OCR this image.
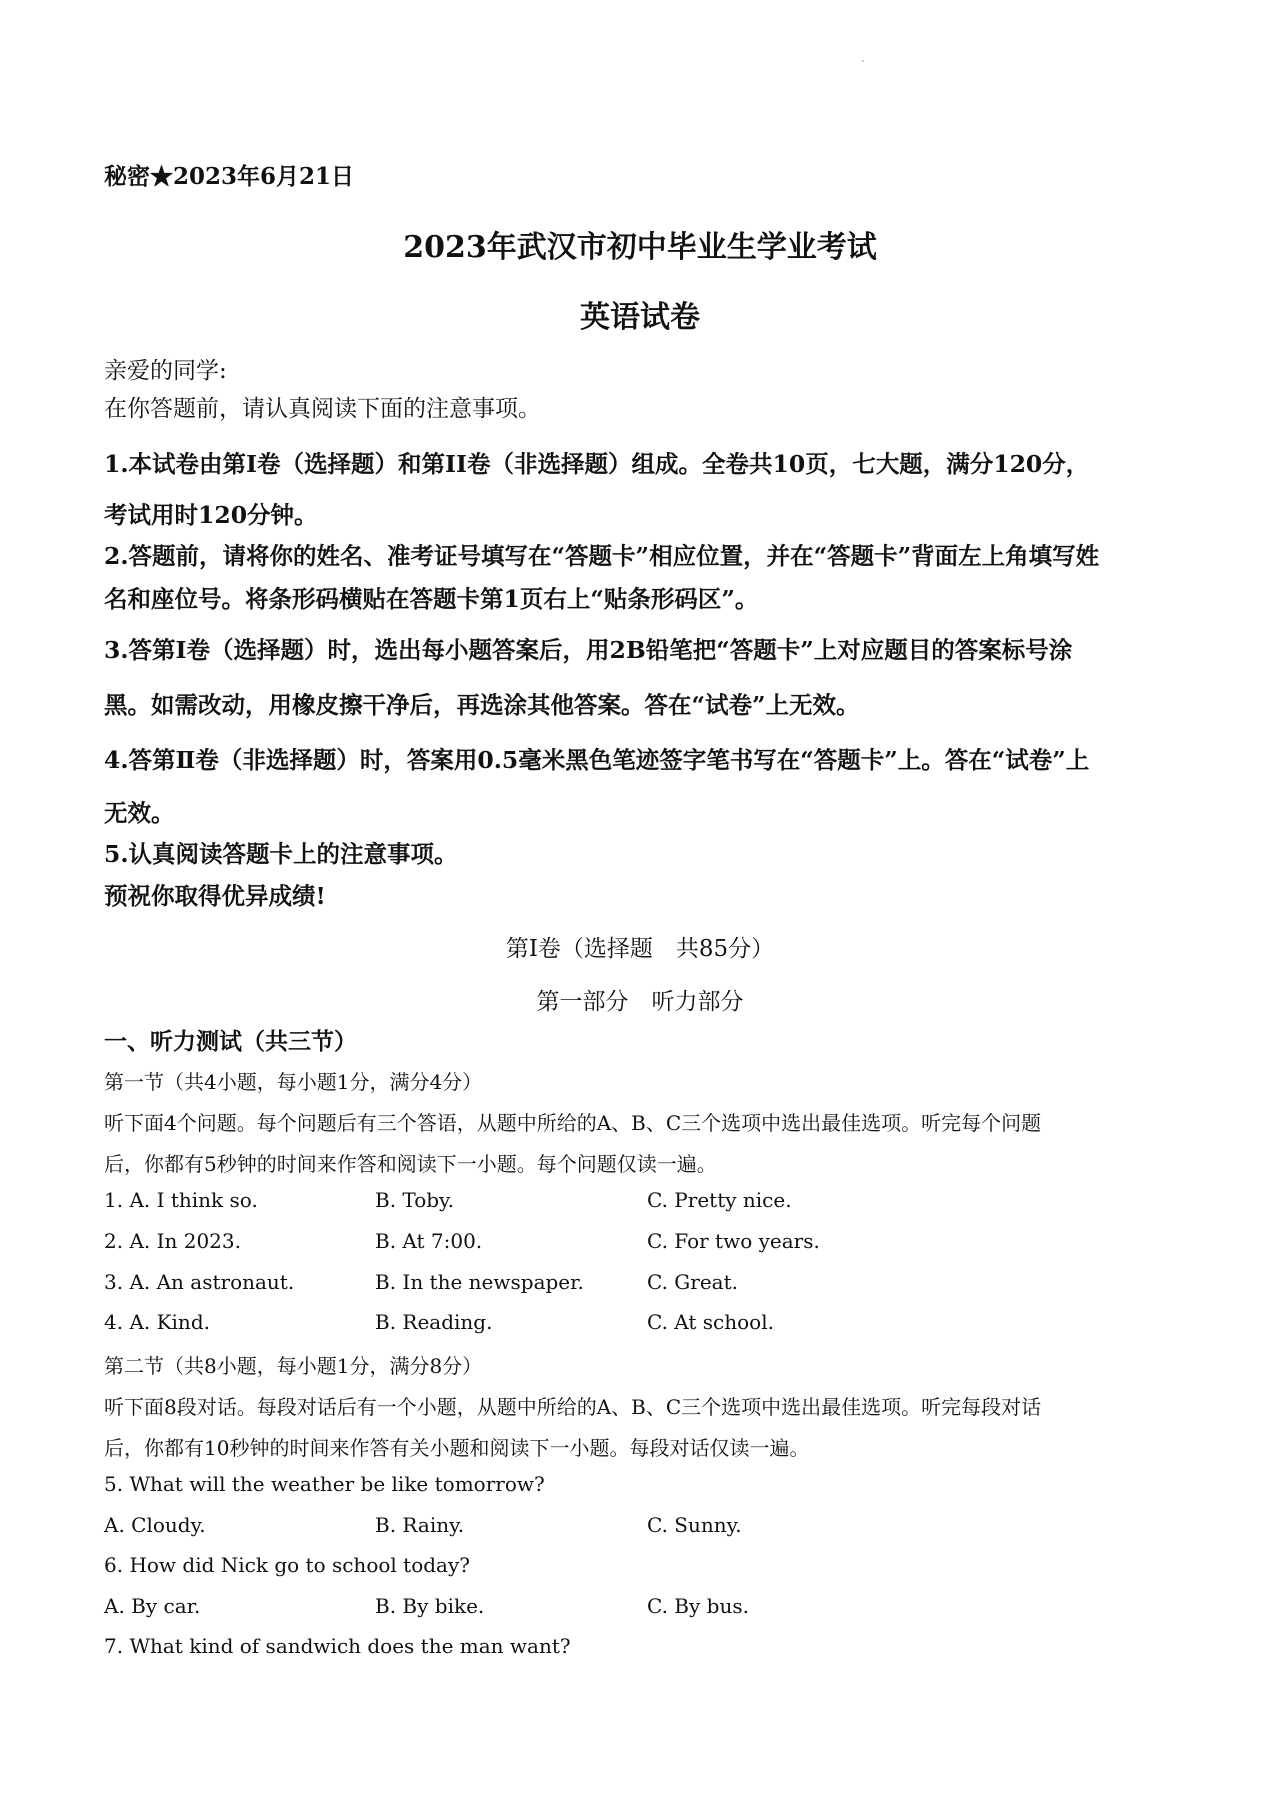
秘密★2023年6月21日
2023年武汉市初中毕业生学业考试
英语试卷
亲爱的同学:
在你答题前，请认真阅读下面的注意事项。
1.本试卷由第Ⅰ卷（选择题）和第II卷（非选择题）组成。全卷共10页，七大题，满分120分，
考试用时120分钟。
2.答题前，请将你的姓名、准考证号填写在“答题卡”相应位置，并在“答题卡”背面左上角填写姓
名和座位号。将条形码横贴在答题卡第1页右上“贴条形码区”。
3.答第Ⅰ卷（选择题）时，选出每小题答案后，用2B铅笔把“答题卡”上对应题目的答案标号涂
黑。如需改动，用橡皮擦干净后，再选涂其他答案。答在“试卷”上无效。
4.答第Ⅱ卷（非选择题）时，答案用0.5毫米黑色笔迹签字笔书写在“答题卡”上。答在“试卷”上
无效。
5.认真阅读答题卡上的注意事项。
预祝你取得优异成绩!
第Ⅰ卷（选择题　共85分）
第一部分　听力部分
一、听力测试（共三节）
第一节（共4小题，每小题1分，满分4分）
听下面4个问题。每个问题后有三个答语，从题中所给的A、B、C三个选项中选出最佳选项。听完每个问题
后，你都有5秒钟的时间来作答和阅读下一小题。每个问题仅读一遍。
1. A. I think so.	B. Toby.	C. Pretty nice.
2. A. In 2023.	B. At 7:00.	C. For two years.
3. A. An astronaut.	B. In the newspaper.	C. Great.
4. A. Kind.	B. Reading.	C. At school.
第二节（共8小题，每小题1分，满分8分）
听下面8段对话。每段对话后有一个小题，从题中所给的A、B、C三个选项中选出最佳选项。听完每段对话
后，你都有10秒钟的时间来作答有关小题和阅读下一小题。每段对话仅读一遍。
5. What will the weather be like tomorrow?
A. Cloudy.	B. Rainy.	C. Sunny.
6. How did Nick go to school today?
A. By car.	B. By bike.	C. By bus.
7. What kind of sandwich does the man want?
